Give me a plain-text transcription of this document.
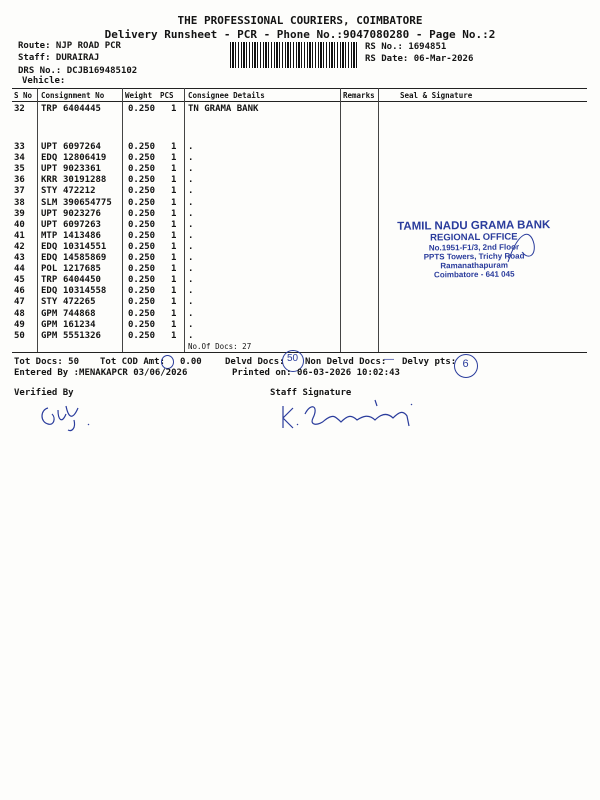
THE PROFESSIONAL COURIERS, COIMBATORE
Delivery Runsheet - PCR - Phone No.:9047080280 - Page No.:2
Route: NJP ROAD PCR
Staff: DURAIRAJ
DRS No.: DCJB169485102
Vehicle:
RS No.: 1694851
RS Date: 06-Mar-2026
S No Consignment No	Weight PCS Consignee Details	Remarks	Seal & Signature
32 TRP 6404445	0.250 1 TN GRAMA BANK
33 UPT 6097264	0.250 1 .
34 EDQ 12806419 0.250 1 .
35 UPT 9023361	0.250 1 .
36 KRR 30191288 0.250 1 .
37 STY 472212	0.250 1 .
38 SLM 390654775 0.250 1 .
39 UPT 9023276	0.250 1 .
40 UPT 6097263	0.250 1 .
41 MTP 1413486	0.250 1 .
42 EDQ 10314551 0.250 1 .
43 EDQ 14585869 0.250 1 .
44 POL 1217685	0.250 1 .
45 TRP 6404450	0.250 1 .
46 EDQ 10314558 0.250 1 .
47 STY 472265	0.250 1 .
48 GPM 744868	0.250 1 .
49 GPM 161234	0.250 1 .
50 GPM 5551326	0.250 1 .
No.Of Docs: 27
TAMIL NADU GRAMA BANK
REGIONAL OFFICE
No.1951-F1/3, 2nd Floor
PPTS Towers, Trichy Road
Ramanathapuram
Coimbatore - 641 045
Tot Docs: 50 Tot COD Amt: 0.00	Delvd Docs: 50 Non Delvd Docs:
— Delvy pts: 6
Entered By :MENAKAPCR 03/06/2026	Printed on: 06-03-2026 10:02:43
Verified By	Staff Signature
